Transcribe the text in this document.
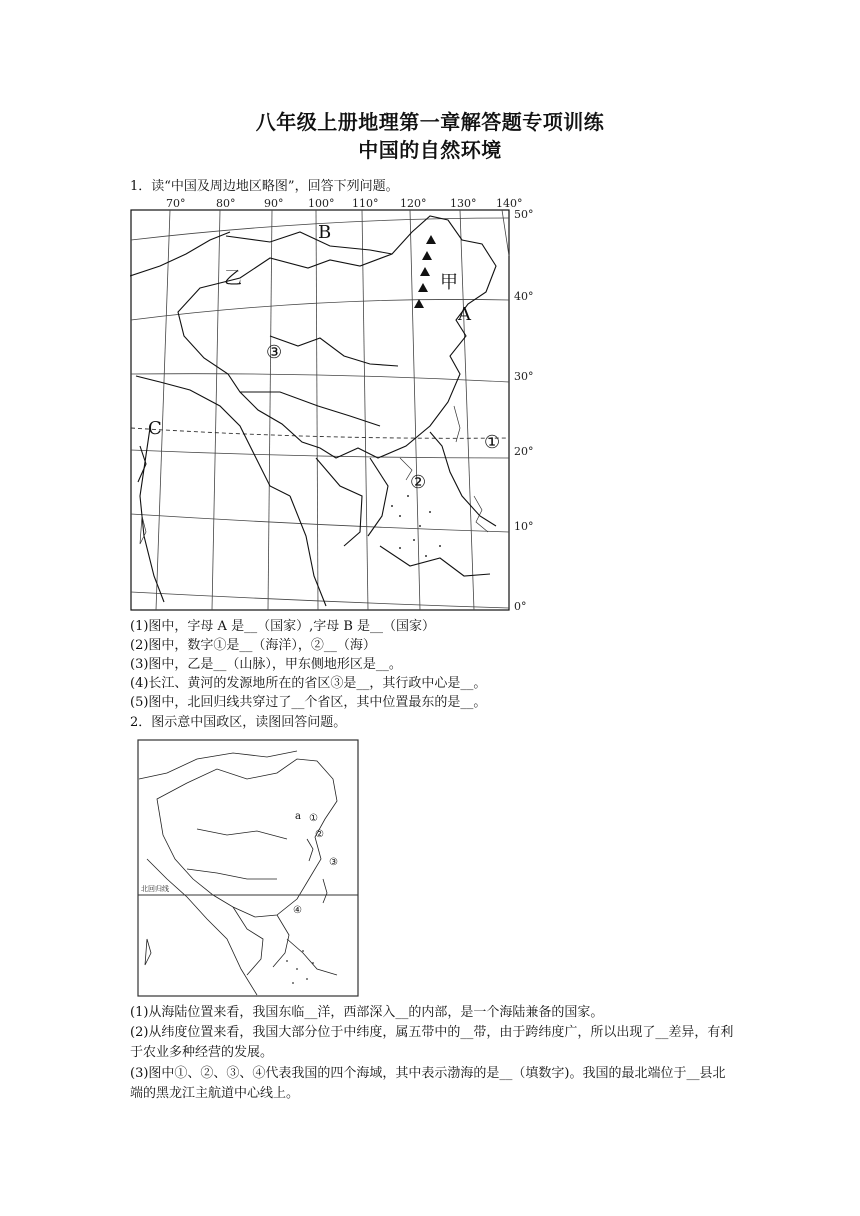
八年级上册地理第一章解答题专项训练
中国的自然环境
1．读“中国及周边地区略图”，回答下列问题。
70°	80°	90° 100° 110° 120° 130° 140°
50°
40°
30°
20°
10°
0°
B
乙	甲
A
③
C
①
②
(1)图中，字母 A 是__（国家）,字母 B 是__（国家）
(2)图中，数字①是__（海洋），②__（海）
(3)图中，乙是__（山脉），甲东侧地形区是__。
(4)长江、黄河的发源地所在的省区③是__，其行政中心是__。
(5)图中，北回归线共穿过了__个省区，其中位置最东的是__。
2．图示意中国政区，读图回答问题。
a ①
②
③
④
北回归线
(1)从海陆位置来看，我国东临__洋，西部深入__的内部，是一个海陆兼备的国家。
(2)从纬度位置来看，我国大部分位于中纬度，属五带中的__带，由于跨纬度广，所以出现了__差异，有利于农业多种经营的发展。
(3)图中①、②、③、④代表我国的四个海域，其中表示渤海的是__（填数字)。我国的最北端位于__县北端的黑龙江主航道中心线上。
